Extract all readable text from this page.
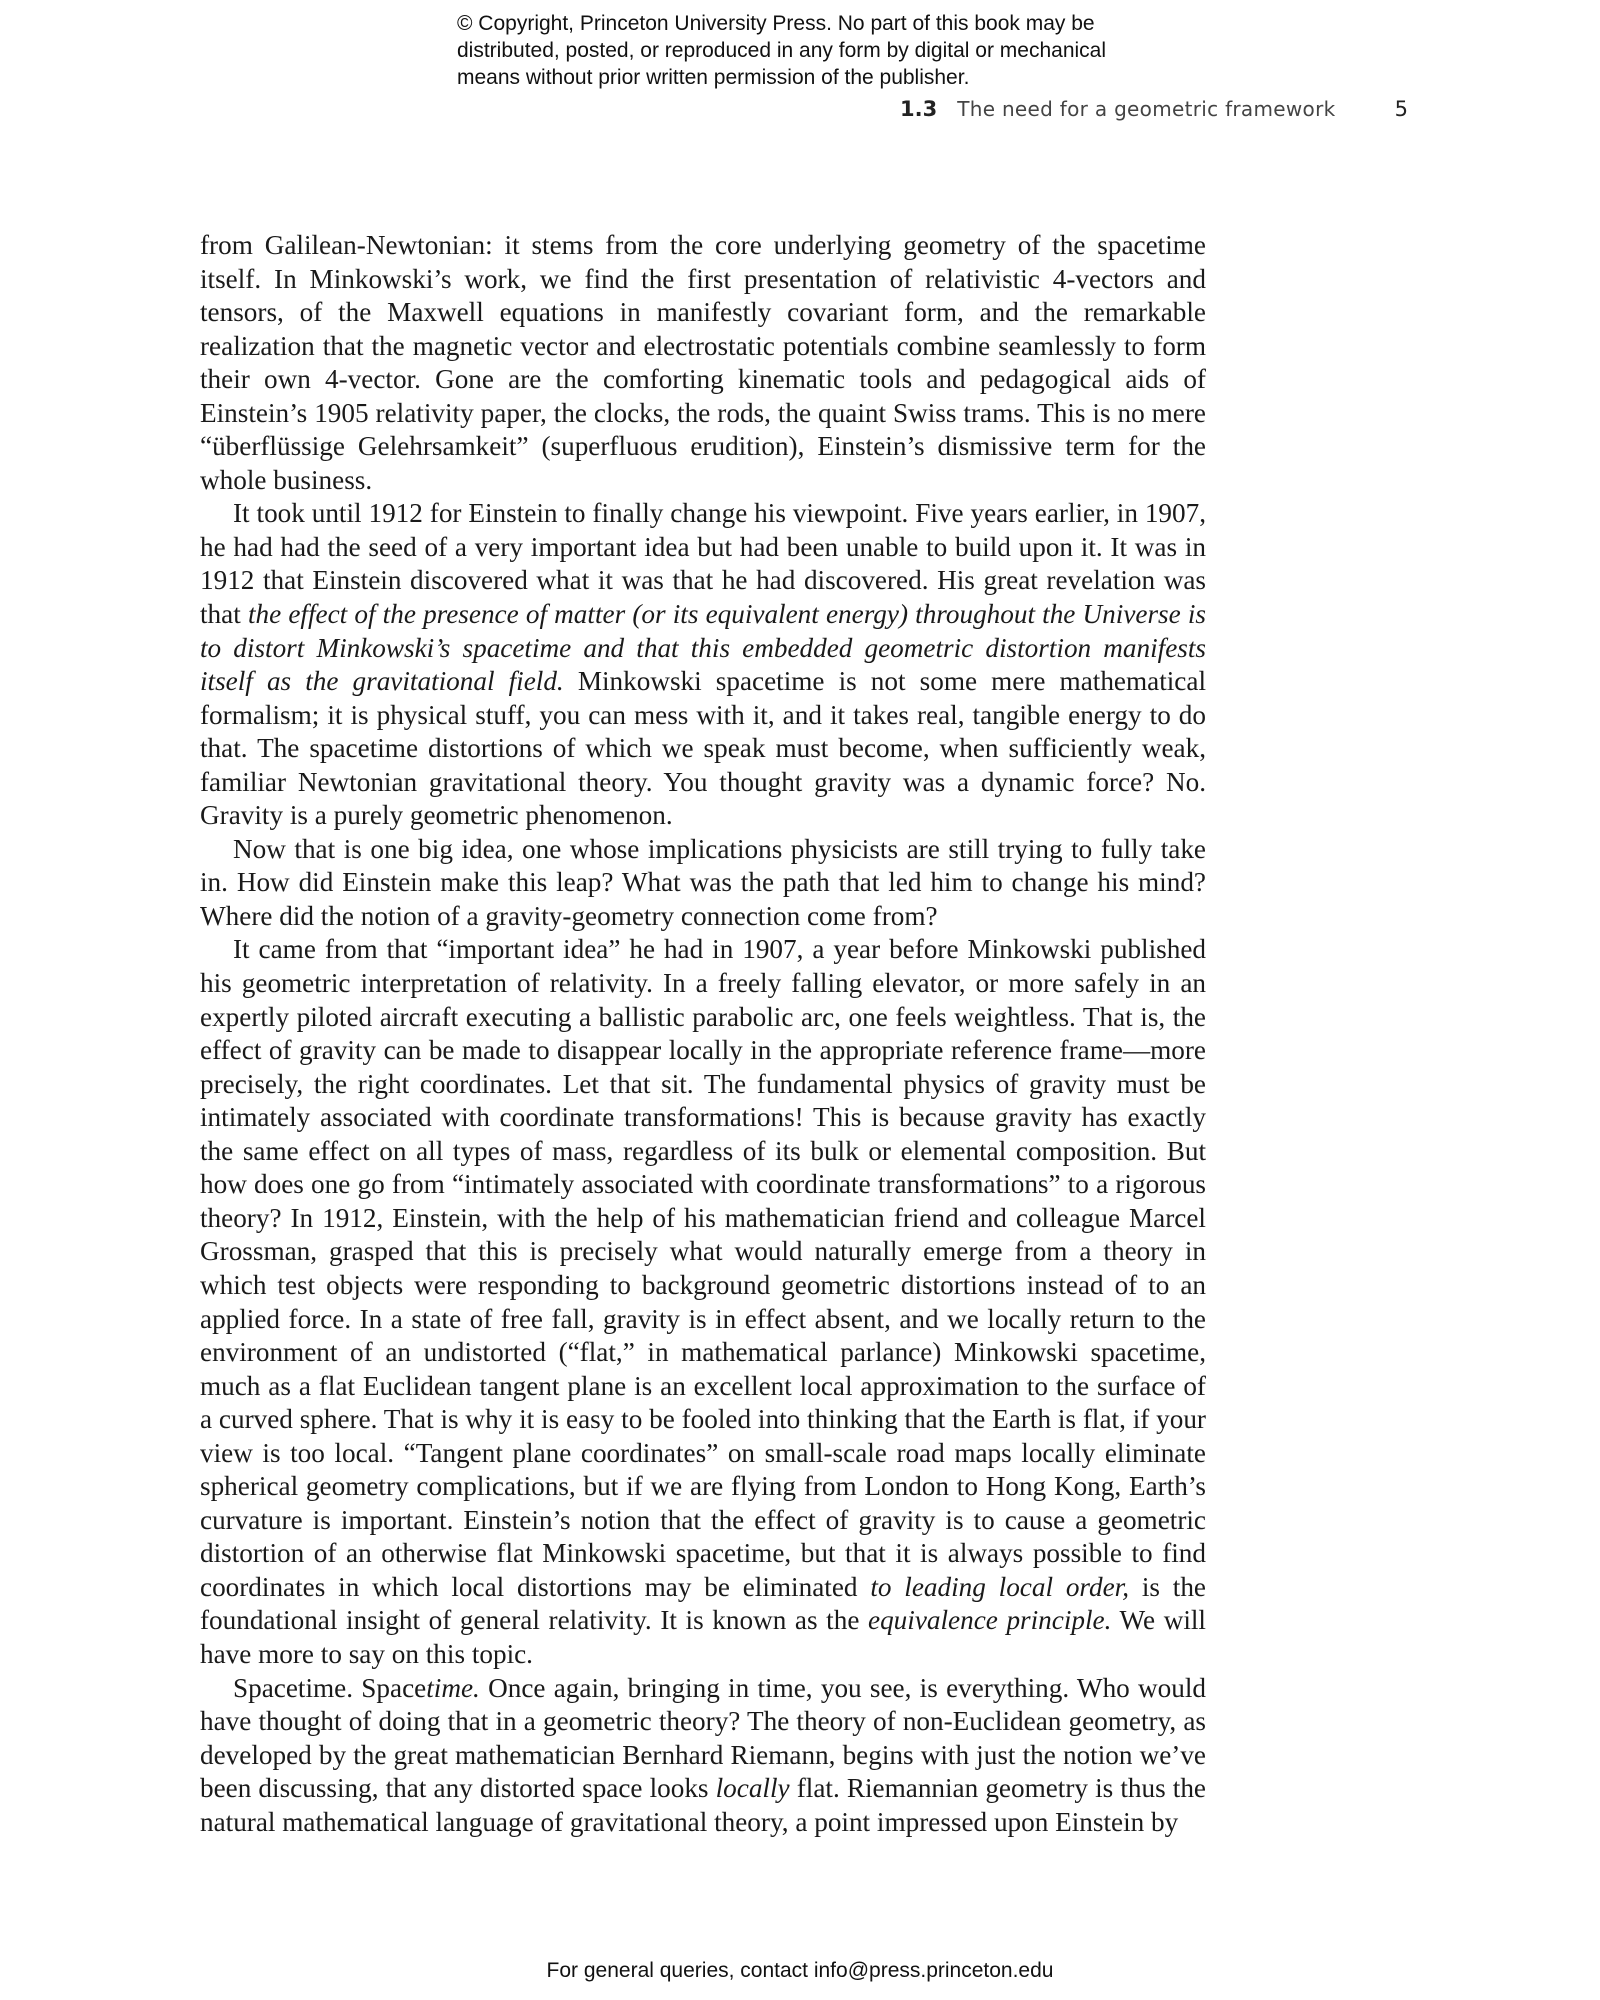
© Copyright, Princeton University Press. No part of this book may be
distributed, posted, or reproduced in any form by digital or mechanical
means without prior written permission of the publisher.
1.3 The need for a geometric framework	5

from Galilean-Newtonian: it stems from the core underlying geometry of the spacetime itself. In Minkowski’s work, we find the first presentation of relativistic 4-vectors and tensors, of the Maxwell equations in manifestly covariant form, and the remarkable realization that the magnetic vector and electrostatic potentials combine seamlessly to form their own 4-vector. Gone are the comforting kinematic tools and pedagogical aids of Einstein’s 1905 relativity paper, the clocks, the rods, the quaint Swiss trams. This is no mere “überflüssige Gelehrsamkeit” (superfluous erudition), Einstein’s dismissive term for the whole business.

It took until 1912 for Einstein to finally change his viewpoint. Five years earlier, in 1907, he had had the seed of a very important idea but had been unable to build upon it. It was in 1912 that Einstein discovered what it was that he had discovered. His great revelation was that the effect of the presence of matter (or its equivalent energy) throughout the Universe is to distort Minkowski’s spacetime and that this embedded geometric distortion manifests itself as the gravitational field. Minkowski spacetime is not some mere mathematical formalism; it is physical stuff, you can mess with it, and it takes real, tangible energy to do that. The spacetime distortions of which we speak must become, when sufficiently weak, familiar Newtonian gravitational theory. You thought gravity was a dynamic force? No. Gravity is a purely geometric phenomenon.

Now that is one big idea, one whose implications physicists are still trying to fully take in. How did Einstein make this leap? What was the path that led him to change his mind? Where did the notion of a gravity-geometry connection come from?

It came from that “important idea” he had in 1907, a year before Minkowski published his geometric interpretation of relativity. In a freely falling elevator, or more safely in an expertly piloted aircraft executing a ballistic parabolic arc, one feels weightless. That is, the effect of gravity can be made to disappear locally in the appropriate reference frame—more precisely, the right coordinates. Let that sit. The fundamental physics of gravity must be intimately associated with coordinate transformations! This is because gravity has exactly the same effect on all types of mass, regardless of its bulk or elemental composition. But how does one go from “intimately associated with coordinate transformations” to a rigorous theory? In 1912, Einstein, with the help of his mathematician friend and colleague Marcel Grossman, grasped that this is precisely what would naturally emerge from a theory in which test objects were responding to background geometric distortions instead of to an applied force. In a state of free fall, gravity is in effect absent, and we locally return to the environment of an undistorted (“flat,” in mathematical parlance) Minkowski spacetime, much as a flat Euclidean tangent plane is an excellent local approximation to the surface of a curved sphere. That is why it is easy to be fooled into thinking that the Earth is flat, if your view is too local. “Tangent plane coordinates” on small-scale road maps locally eliminate spherical geometry complications, but if we are flying from London to Hong Kong, Earth’s curvature is important. Einstein’s notion that the effect of gravity is to cause a geometric distortion of an otherwise flat Minkowski spacetime, but that it is always possible to find coordinates in which local distortions may be eliminated to leading local order, is the foundational insight of general relativity. It is known as the equivalence principle. We will have more to say on this topic.

Spacetime. Spacetime. Once again, bringing in time, you see, is everything. Who would have thought of doing that in a geometric theory? The theory of non-Euclidean geometry, as developed by the great mathematician Bernhard Riemann, begins with just the notion we’ve been discussing, that any distorted space looks locally flat. Riemannian geometry is thus the natural mathematical language of gravitational theory, a point impressed upon Einstein by

For general queries, contact info@press.princeton.edu
